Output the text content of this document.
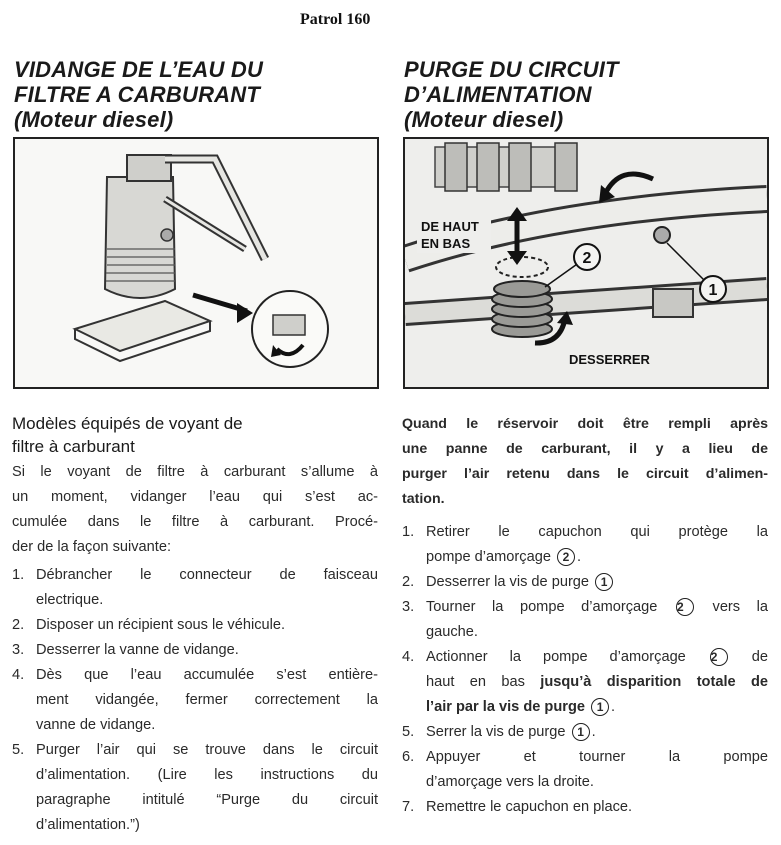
Patrol 160
VIDANGE DE L’EAU DU
FILTRE A CARBURANT
(Moteur diesel)
Modèles équipés de voyant de
filtre à carburant

Si le voyant de filtre à carburant s’allume à
un moment, vidanger l’eau qui s’est ac-
cumulée dans le filtre à carburant. Procé-
der de la façon suivante:

1. Débrancher le connecteur de faisceau
electrique.
2. Disposer un récipient sous le véhicule.
3. Desserrer la vanne de vidange.
4. Dès que l’eau accumulée s’est entière-
ment vidangée, fermer correctement la
vanne de vidange.
5. Purger l’air qui se trouve dans le circuit
d’alimentation. (Lire les instructions du
paragraphe intitulé “Purge du circuit
d’alimentation.”)
PURGE DU CIRCUIT
D’ALIMENTATION
(Moteur diesel)
2
1
DE HAUT
EN BAS
DESSERRER

Quand le réservoir doit être rempli après
une panne de carburant, il y a lieu de
purger l’air retenu dans le circuit d’alimen-
tation.

1. Retirer le capuchon qui protège la
pompe d’amorçage 2 .
2. Desserrer la vis de purge 1
3. Tourner la pompe d’amorçage 2 vers la
gauche.
4. Actionner la pompe d’amorçage 2 de
haut en bas jusqu’à disparition totale de
l’air par la vis de purge 1 .
5. Serrer la vis de purge 1 .
6. Appuyer et tourner la pompe
d’amorçage vers la droite.
7. Remettre le capuchon en place.
